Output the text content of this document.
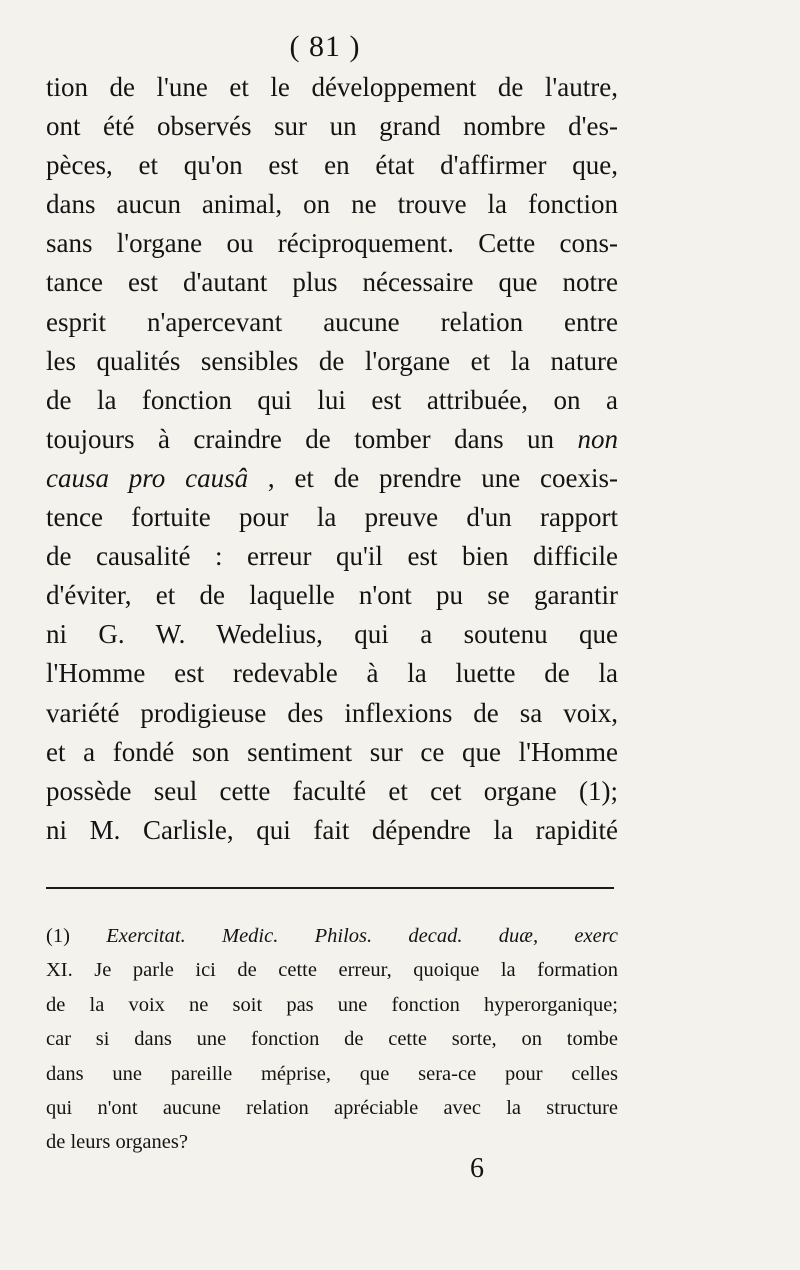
( 81 )
tion de l'une et le développement de l'autre,
ont été observés sur un grand nombre d'es-
pèces, et qu'on est en état d'affirmer que,
dans aucun animal, on ne trouve la fonction
sans l'organe ou réciproquement. Cette cons-
tance est d'autant plus nécessaire que notre
esprit n'apercevant aucune relation entre
les qualités sensibles de l'organe et la nature
de la fonction qui lui est attribuée, on a
toujours à craindre de tomber dans un non
causa pro causâ , et de prendre une coexis-
tence fortuite pour la preuve d'un rapport
de causalité : erreur qu'il est bien difficile
d'éviter, et de laquelle n'ont pu se garantir
ni G. W. Wedelius, qui a soutenu que
l'Homme est redevable à la luette de la
variété prodigieuse des inflexions de sa voix,
et a fondé son sentiment sur ce que l'Homme
possède seul cette faculté et cet organe (1);
ni M. Carlisle, qui fait dépendre la rapidité
(1) Exercitat. Medic. Philos. decad. duæ, exerc
XI. Je parle ici de cette erreur, quoique la formation
de la voix ne soit pas une fonction hyperorganique;
car si dans une fonction de cette sorte, on tombe
dans une pareille méprise, que sera-ce pour celles
qui n'ont aucune relation apréciable avec la structure
de leurs organes?
6
